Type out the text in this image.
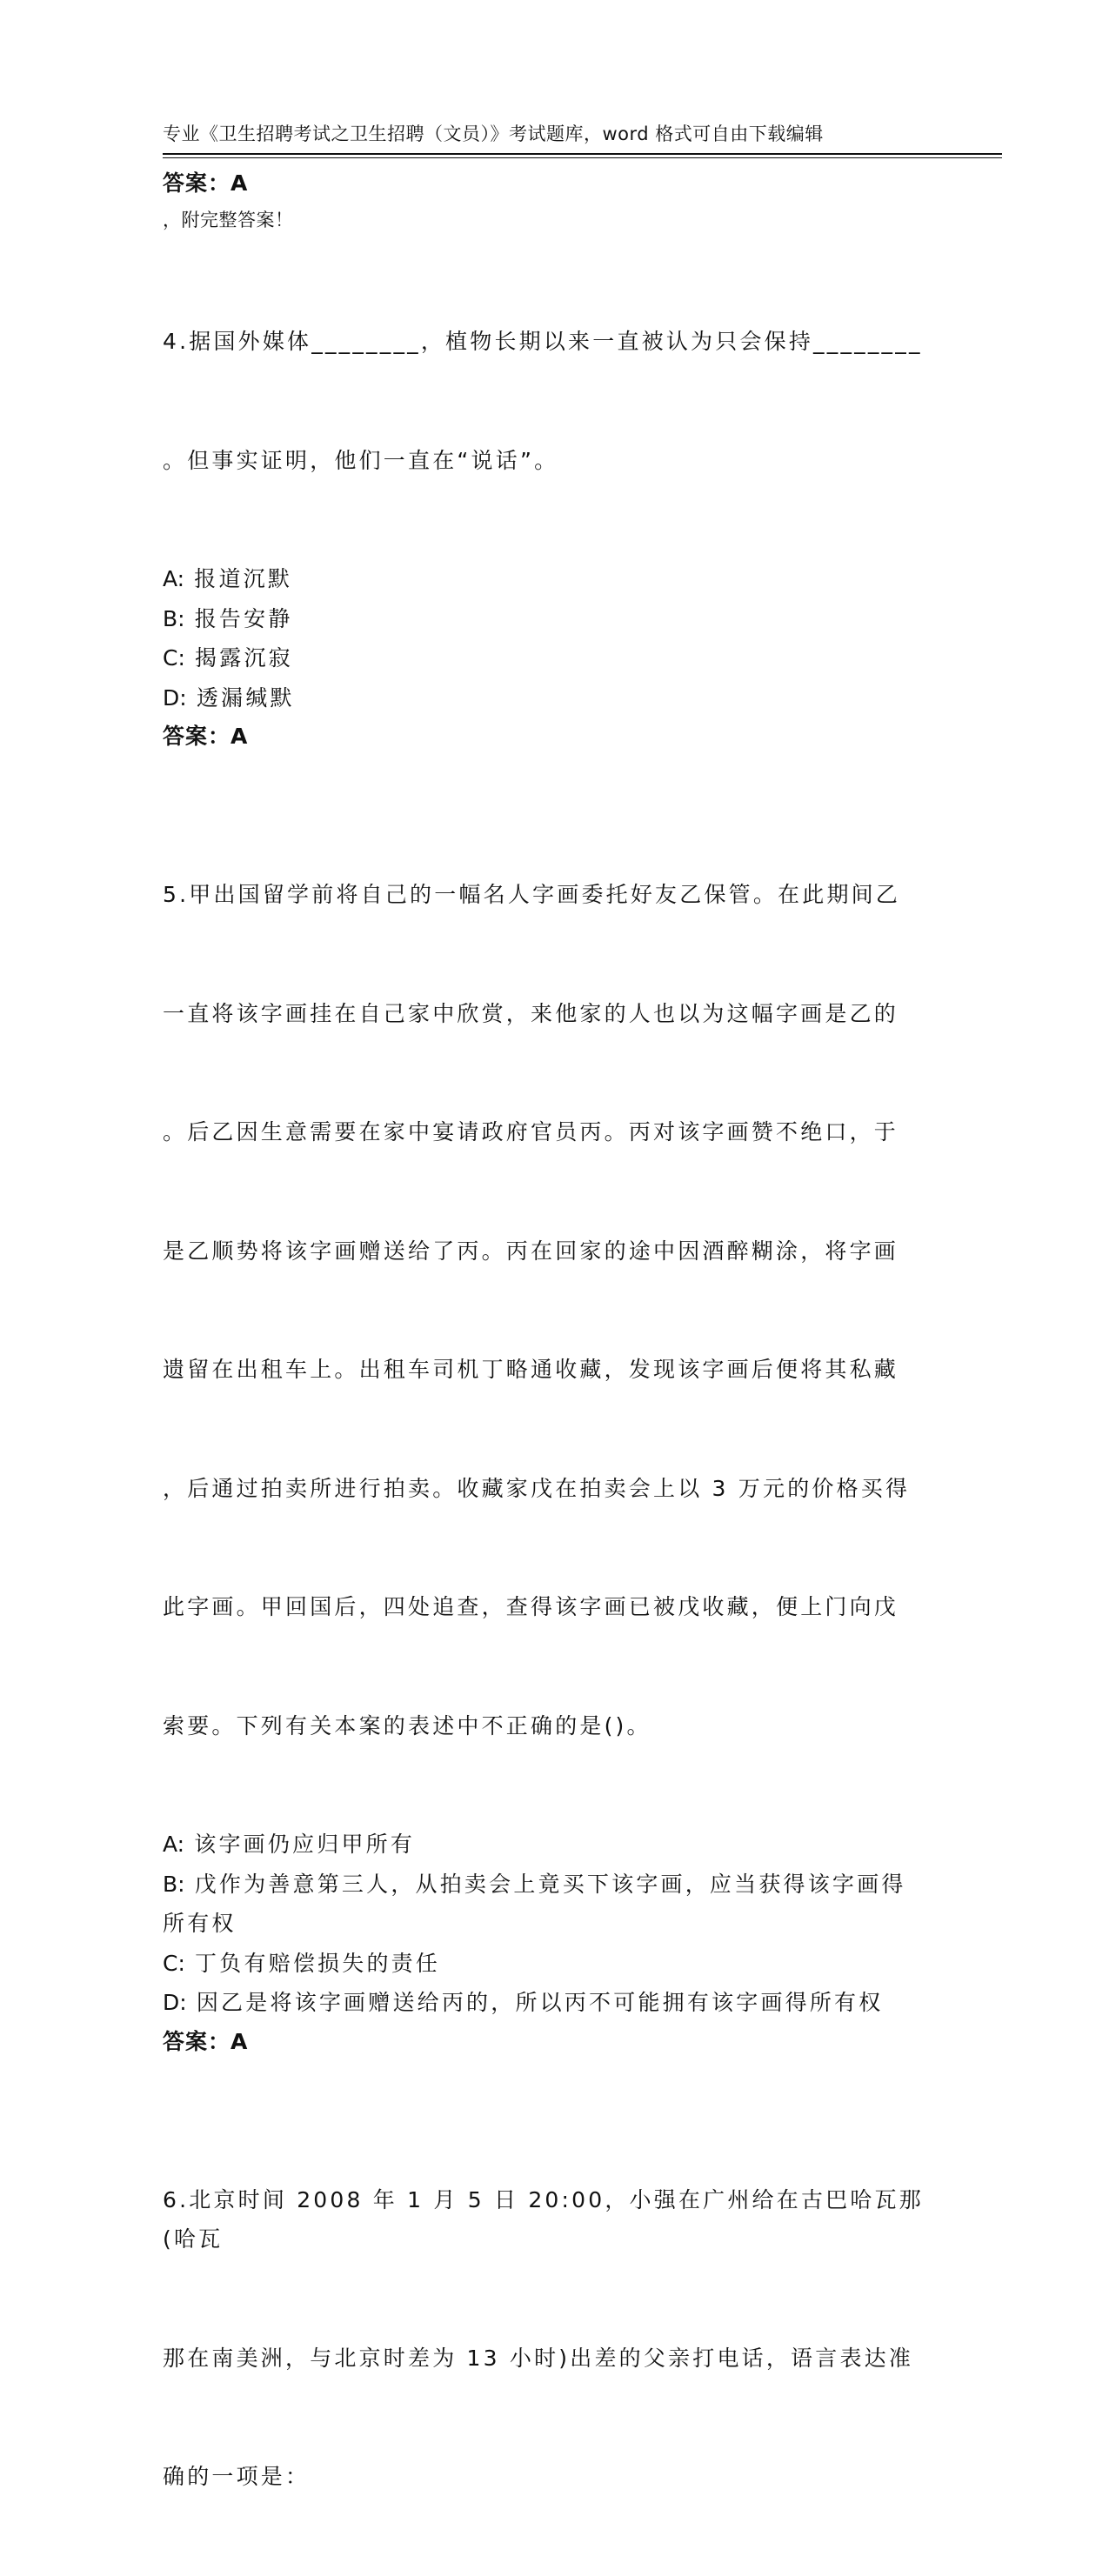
专业《卫生招聘考试之卫生招聘（文员）》考试题库，word 格式可自由下载编辑

，附完整答案！

答案：A

4.据国外媒体________，植物长期以来一直被认为只会保持________

。但事实证明，他们一直在“说话”。

A: 报道沉默
B: 报告安静
C: 揭露沉寂
D: 透漏缄默
答案：A

5.甲出国留学前将自己的一幅名人字画委托好友乙保管。在此期间乙

一直将该字画挂在自己家中欣赏，来他家的人也以为这幅字画是乙的

。后乙因生意需要在家中宴请政府官员丙。丙对该字画赞不绝口，于

是乙顺势将该字画赠送给了丙。丙在回家的途中因酒醉糊涂，将字画

遗留在出租车上。出租车司机丁略通收藏，发现该字画后便将其私藏

，后通过拍卖所进行拍卖。收藏家戊在拍卖会上以 3 万元的价格买得

此字画。甲回国后，四处追查，查得该字画已被戊收藏，便上门向戊

索要。下列有关本案的表述中不正确的是()。

A: 该字画仍应归甲所有
B: 戊作为善意第三人，从拍卖会上竟买下该字画，应当获得该字画得
所有权
C: 丁负有赔偿损失的责任
D: 因乙是将该字画赠送给丙的，所以丙不可能拥有该字画得所有权
答案：A

6.北京时间 2008 年 1 月 5 日 20:00，小强在广州给在古巴哈瓦那(哈瓦

那在南美洲，与北京时差为 13 小时)出差的父亲打电话，语言表达准

确的一项是：
